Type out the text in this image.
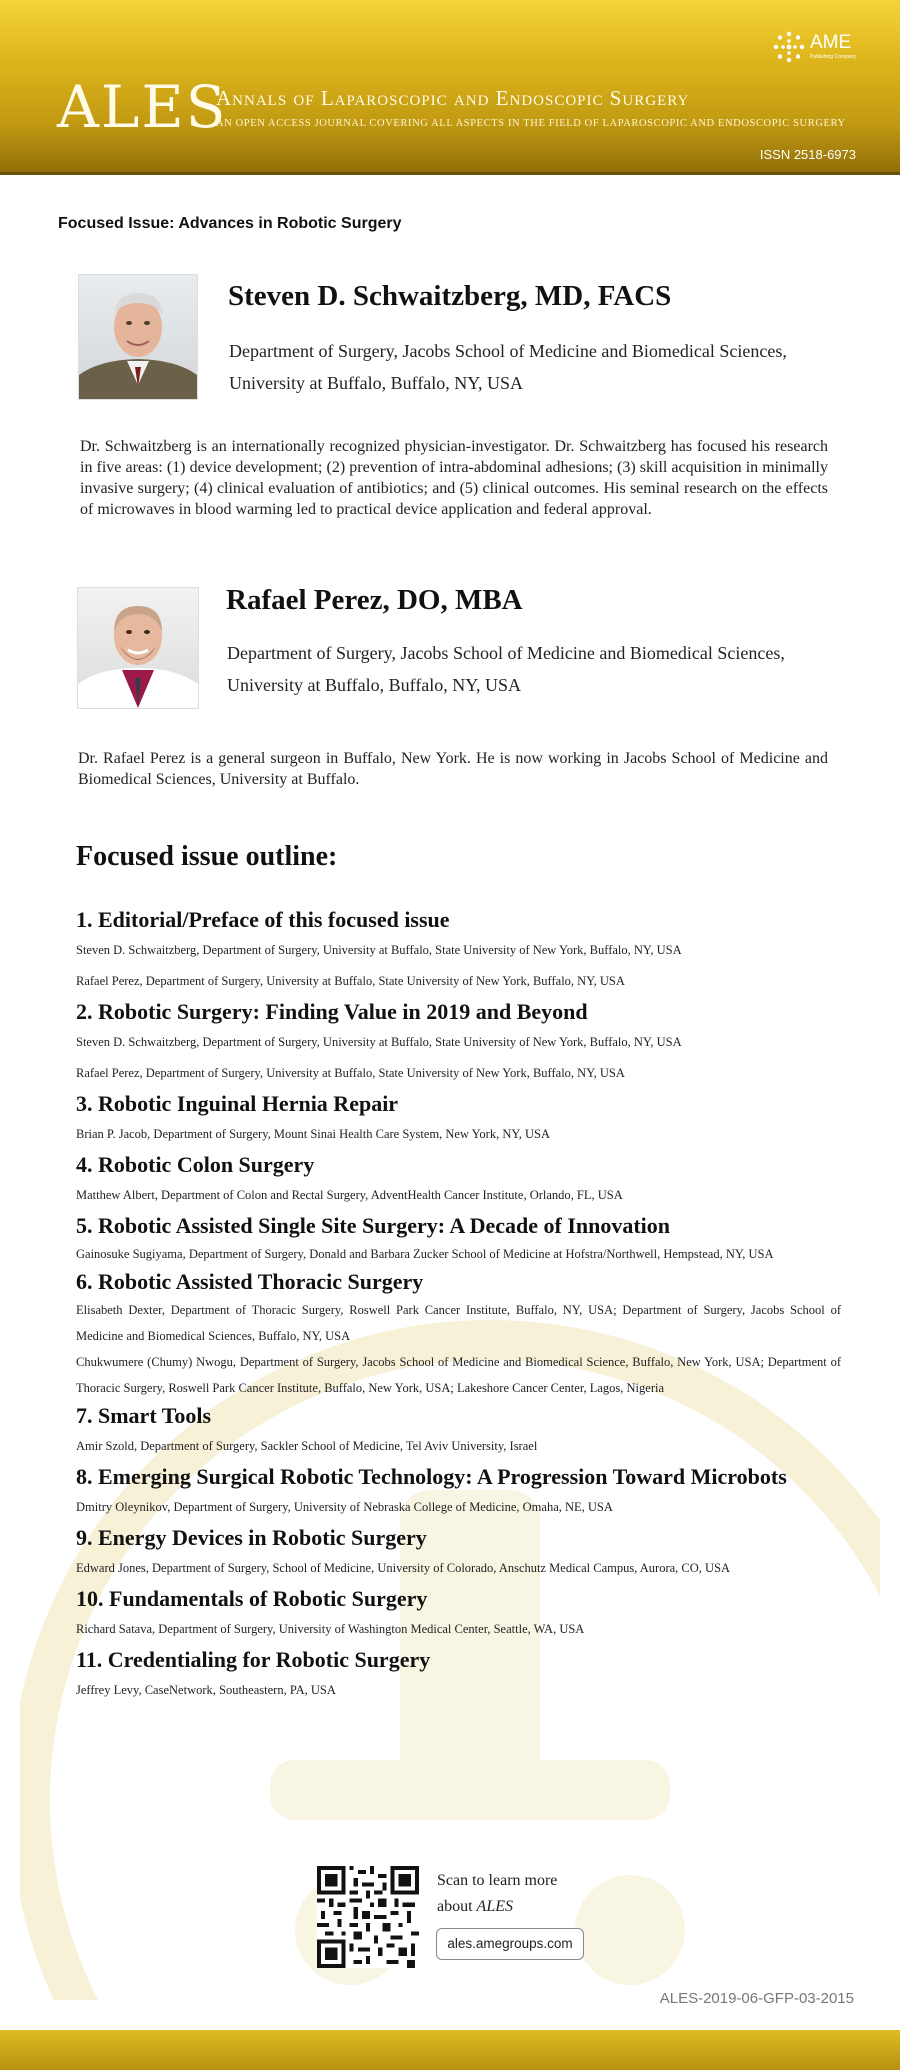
AME
Publishing Company
ALES
Annals of Laparoscopic and Endoscopic Surgery
AN OPEN ACCESS JOURNAL COVERING ALL ASPECTS IN THE FIELD OF LAPAROSCOPIC AND ENDOSCOPIC SURGERY
ISSN 2518-6973
Focused Issue: Advances in Robotic Surgery
Steven D. Schwaitzberg, MD, FACS
Department of Surgery, Jacobs School of Medicine and Biomedical Sciences,
University at Buffalo, Buffalo, NY, USA
Dr. Schwaitzberg is an internationally recognized physician-investigator. Dr. Schwaitzberg has focused his research in five areas: (1) device development; (2) prevention of intra-abdominal adhesions; (3) skill acquisition in minimally invasive surgery; (4) clinical evaluation of antibiotics; and (5) clinical outcomes. His seminal research on the effects of microwaves in blood warming led to practical device application and federal approval.
Rafael Perez, DO, MBA
Department of Surgery, Jacobs School of Medicine and Biomedical Sciences,
University at Buffalo, Buffalo, NY, USA
Dr. Rafael Perez is a general surgeon in Buffalo, New York. He is now working in Jacobs School of Medicine and Biomedical Sciences, University at Buffalo.
Focused issue outline:

1. Editorial/Preface of this focused issue

Steven D. Schwaitzberg, Department of Surgery, University at Buffalo, State University of New York, Buffalo, NY, USA

Rafael Perez, Department of Surgery, University at Buffalo, State University of New York, Buffalo, NY, USA

2. Robotic Surgery: Finding Value in 2019 and Beyond

Steven D. Schwaitzberg, Department of Surgery, University at Buffalo, State University of New York, Buffalo, NY, USA

Rafael Perez, Department of Surgery, University at Buffalo, State University of New York, Buffalo, NY, USA

3. Robotic Inguinal Hernia Repair

Brian P. Jacob, Department of Surgery, Mount Sinai Health Care System, New York, NY, USA

4. Robotic Colon Surgery

Matthew Albert, Department of Colon and Rectal Surgery, AdventHealth Cancer Institute, Orlando, FL, USA

5. Robotic Assisted Single Site Surgery: A Decade of Innovation

Gainosuke Sugiyama, Department of Surgery, Donald and Barbara Zucker School of Medicine at Hofstra/Northwell, Hempstead, NY, USA

6. Robotic Assisted Thoracic Surgery

Elisabeth Dexter, Department of Thoracic Surgery, Roswell Park Cancer Institute, Buffalo, NY, USA; Department of Surgery, Jacobs School of Medicine and Biomedical Sciences, Buffalo, NY, USA

Chukwumere (Chumy) Nwogu, Department of Surgery, Jacobs School of Medicine and Biomedical Science, Buffalo, New York, USA; Department of Thoracic Surgery, Roswell Park Cancer Institute, Buffalo, New York, USA; Lakeshore Cancer Center, Lagos, Nigeria

7. Smart Tools

Amir Szold, Department of Surgery, Sackler School of Medicine, Tel Aviv University, Israel

8. Emerging Surgical Robotic Technology: A Progression Toward Microbots

Dmitry Oleynikov, Department of Surgery, University of Nebraska College of Medicine, Omaha, NE, USA

9. Energy Devices in Robotic Surgery

Edward Jones, Department of Surgery, School of Medicine, University of Colorado, Anschutz Medical Campus, Aurora, CO, USA

10. Fundamentals of Robotic Surgery

Richard Satava, Department of Surgery, University of Washington Medical Center, Seattle, WA, USA

11. Credentialing for Robotic Surgery

Jeffrey Levy, CaseNetwork, Southeastern, PA, USA

Scan to learn more
about ALES
ales.amegroups.com
ALES-2019-06-GFP-03-2015
